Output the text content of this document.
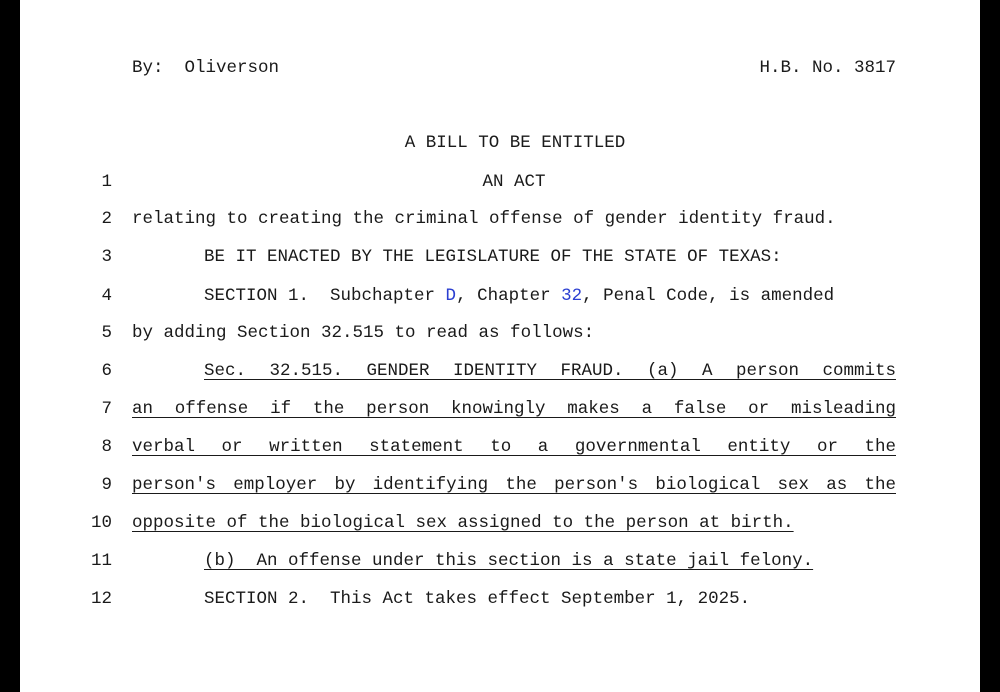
By:  Oliverson	H.B. No. 3817
A BILL TO BE ENTITLED
1	AN ACT
2 relating to creating the criminal offense of gender identity fraud.
3	BE IT ENACTED BY THE LEGISLATURE OF THE STATE OF TEXAS:
4	SECTION 1.  Subchapter D, Chapter 32, Penal Code, is amended
5 by adding Section 32.515 to read as follows:
6	Sec. 32.515. GENDER IDENTITY FRAUD. (a) A person commits
7 an offense if the person knowingly makes a false or misleading
8 verbal or written statement to a governmental entity or the
9 person's employer by identifying the person's biological sex as the
10 opposite of the biological sex assigned to the person at birth.
11	(b)  An offense under this section is a state jail felony.
12	SECTION 2.  This Act takes effect September 1, 2025.
